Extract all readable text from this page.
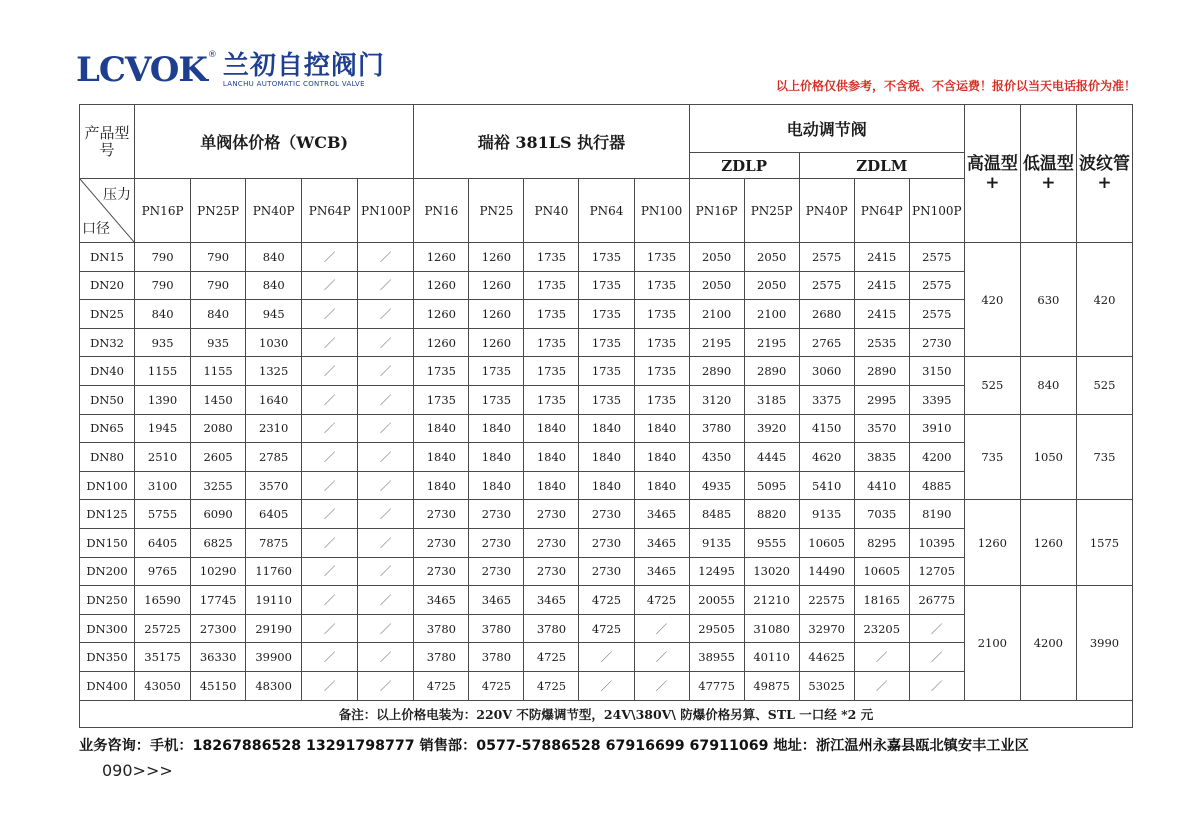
LCVOK ® 兰初自控阀门
LANCHU AUTOMATIC CONTROL VALVE	以上价格仅供参考，不含税、不含运费！报价以当天电话报价为准！
产品型号	单阀体价格（WCB)					瑞裕 381LS 执行器					电动调节阀					高温型+	低温型+	波纹管+
											ZDLP		ZDLM					

压力
口径	PN16P	PN25P	PN40P	PN64P	PN100P	PN16	PN25	PN40	PN64	PN100	PN16P	PN25P	PN40P	PN64P	PN100P			
DN15	790	790	840	／	／	1260	1260	1735	1735	1735	2050	2050	2575	2415	2575	420	630	420
DN20	790	790	840	／	／	1260	1260	1735	1735	1735	2050	2050	2575	2415	2575			
DN25	840	840	945	／	／	1260	1260	1735	1735	1735	2100	2100	2680	2415	2575			
DN32	935	935	1030	／	／	1260	1260	1735	1735	1735	2195	2195	2765	2535	2730			
DN40	1155	1155	1325	／	／	1735	1735	1735	1735	1735	2890	2890	3060	2890	3150	525	840	525
DN50	1390	1450	1640	／	／	1735	1735	1735	1735	1735	3120	3185	3375	2995	3395			
DN65	1945	2080	2310	／	／	1840	1840	1840	1840	1840	3780	3920	4150	3570	3910	735	1050	735
DN80	2510	2605	2785	／	／	1840	1840	1840	1840	1840	4350	4445	4620	3835	4200			
DN100	3100	3255	3570	／	／	1840	1840	1840	1840	1840	4935	5095	5410	4410	4885			
DN125	5755	6090	6405	／	／	2730	2730	2730	2730	3465	8485	8820	9135	7035	8190	1260	1260	1575
DN150	6405	6825	7875	／	／	2730	2730	2730	2730	3465	9135	9555	10605	8295	10395			
DN200	9765	10290	11760	／	／	2730	2730	2730	2730	3465	12495	13020	14490	10605	12705			
DN250	16590	17745	19110	／	／	3465	3465	3465	4725	4725	20055	21210	22575	18165	26775	2100	4200	3990
DN300	25725	27300	29190	／	／	3780	3780	3780	4725	／	29505	31080	32970	23205	／			
DN350	35175	36330	39900	／	／	3780	3780	4725	／	／	38955	40110	44625	／	／			
DN400	43050	45150	48300	／	／	4725	4725	4725	／	／	47775	49875	53025	／	／			
备注：以上价格电装为：220V 不防爆调节型，24V\380V\ 防爆价格另算、STL 一口经 *2 元																		
业务咨询：手机：18267886528 13291798777 销售部：0577-57886528 67916699 67911069 地址：浙江温州永嘉县瓯北镇安丰工业区
090>>>
